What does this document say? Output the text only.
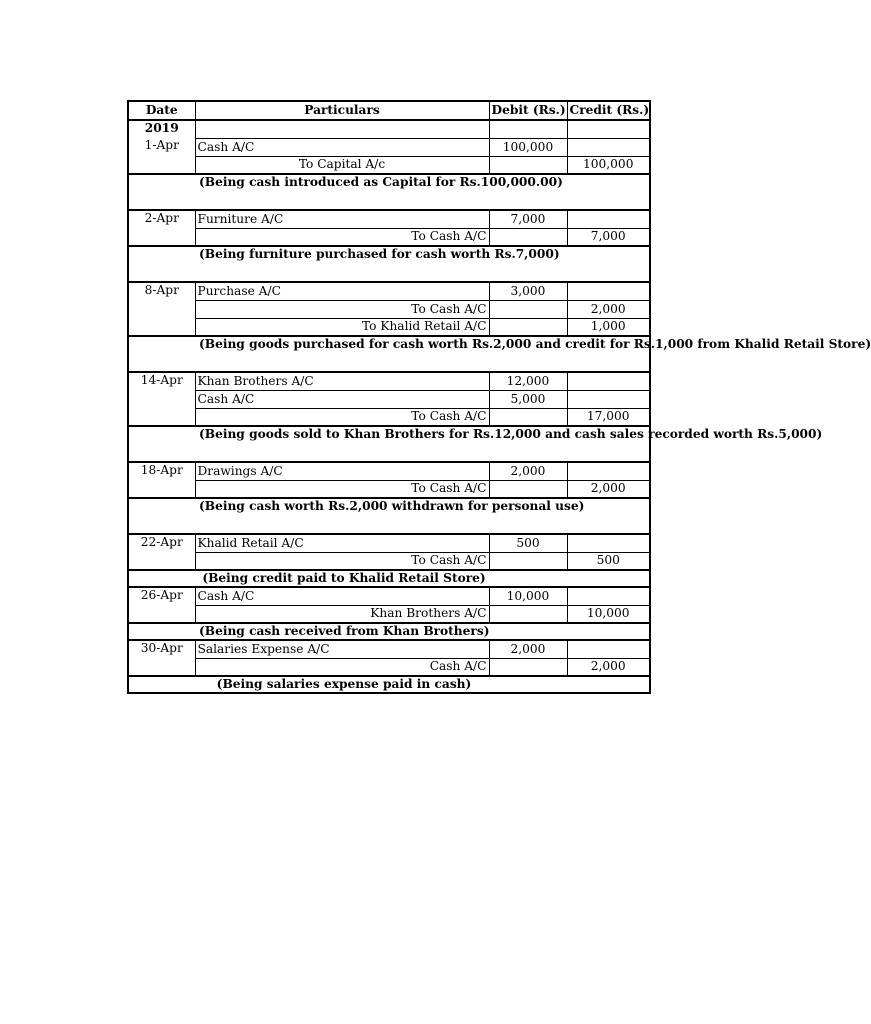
Date	Particulars	Debit (Rs.)	Credit (Rs.)
2019			
1-Apr	Cash A/C	100,000	
	To Capital A/c		100,000

(Being cash introduced as Capital for Rs.100,000.00)			

2-Apr	Furniture A/C	7,000	
	To Cash A/C		7,000

(Being furniture purchased for cash worth Rs.7,000)			

8-Apr	Purchase A/C	3,000	
	To Cash A/C		2,000
	To Khalid Retail A/C		1,000

(Being goods purchased for cash worth Rs.2,000 and credit for Rs.1,000 from Khalid Retail Store)			

14-Apr	Khan Brothers A/C	12,000	
	Cash A/C	5,000	
	To Cash A/C		17,000

(Being goods sold to Khan Brothers for Rs.12,000 and cash sales recorded worth Rs.5,000)			

18-Apr	Drawings A/C	2,000	
	To Cash A/C		2,000

(Being cash worth Rs.2,000 withdrawn for personal use)			

22-Apr	Khalid Retail A/C	500	
	To Cash A/C		500

(Being credit paid to Khalid Retail Store)			

26-Apr	Cash A/C	10,000	
	Khan Brothers A/C		10,000

(Being cash received from Khan Brothers)			

30-Apr	Salaries Expense A/C	2,000	
	Cash A/C		2,000

(Being salaries expense paid in cash)			
